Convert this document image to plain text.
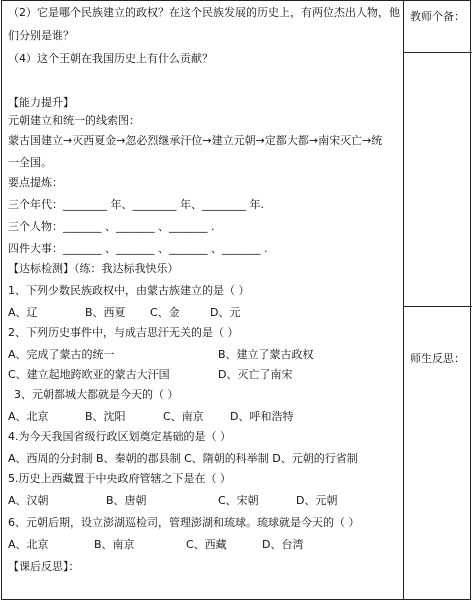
教师个备：
师生反思：
（2）它是哪个民族建立的政权？在这个民族发展的历史上，有两位杰出人物，他
们分别是谁？
（4）这个王朝在我国历史上有什么贡献？
【能力提升】
元朝建立和统一的线索图：
蒙古国建立→灭西夏金→忽必烈继承汗位→建立元朝→定都大都→南宋灭亡→统
一全国。
要点提炼：
三个年代：________ 年、________ 年、________ 年.
三个人物：_______ 、_______ 、_______ .
四件大事：_______ 、_______ 、_______ 、_______ .
【达标检测】（练：我达标我快乐）
1、下列少数民族政权中，由蒙古族建立的是（ ）
A、辽	B、西夏 C、金	D、元
2、下列历史事件中，与成吉思汗无关的是（ ）
A、完成了蒙古的统一	B、建立了蒙古政权
C、建立起地跨欧亚的蒙古大汗国	D、灭亡了南宋
3、元朝都城大都就是今天的（ ）
A、北京	B、沈阳	C、南京 D、呼和浩特
4.为今天我国省级行政区划奠定基础的是（ ）
A、西周的分封制 B、秦朝的郡县制 C、隋朝的科举制 D、元朝的行省制
5.历史上西藏置于中央政府管辖之下是在（ ）
A、汉朝	B、唐朝	C、宋朝	D、元朝
6、元朝后期，设立澎湖巡检司，管理澎湖和琉球。琉球就是今天的（ ）
A、北京	B、南京	C、西藏	D、台湾
【课后反思】：
